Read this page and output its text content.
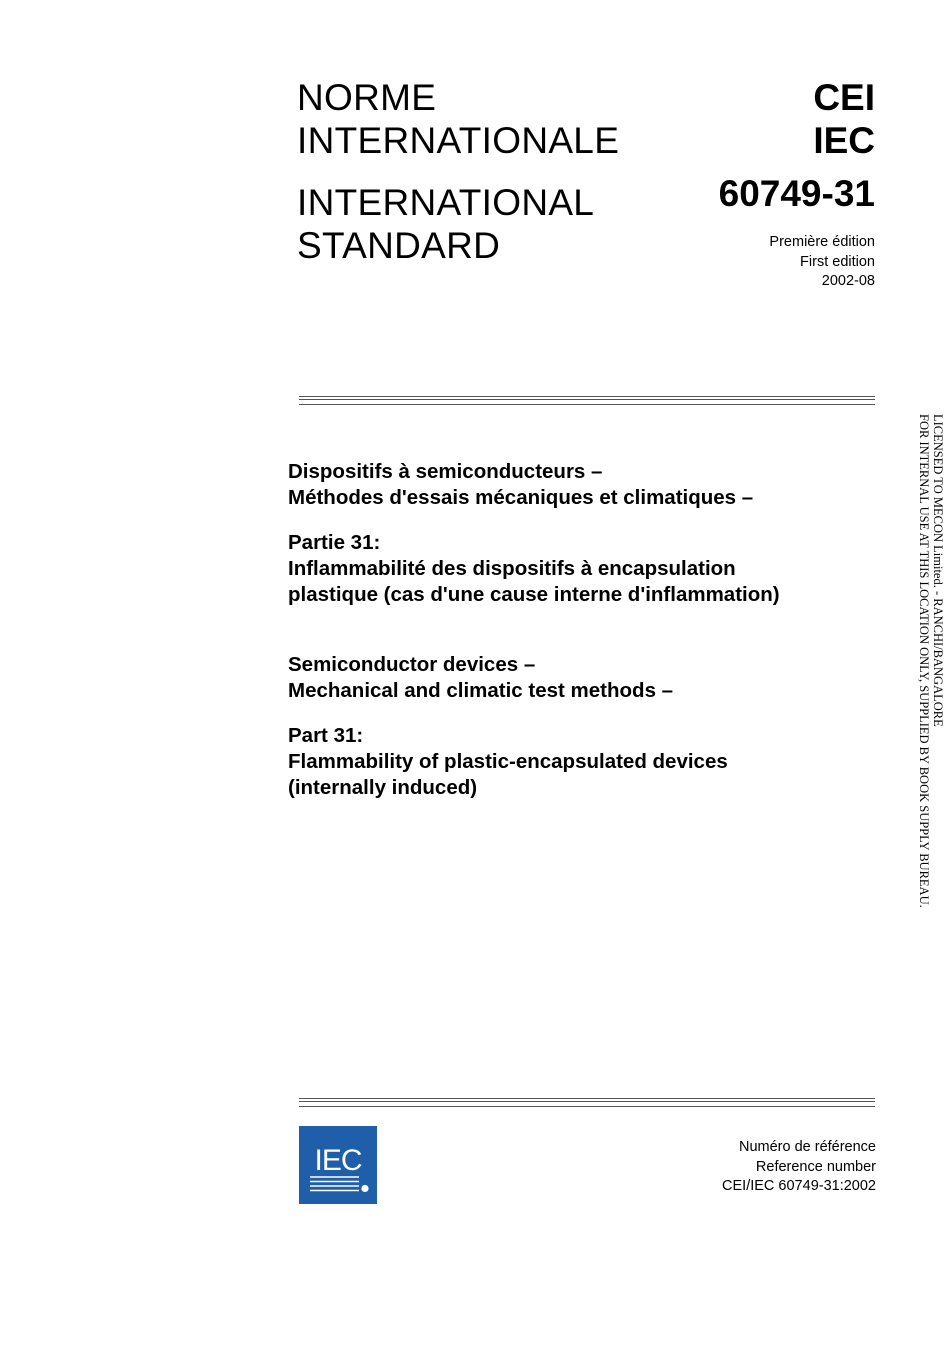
NORME
INTERNATIONALE
INTERNATIONAL
STANDARD
CEI
IEC
60749-31
Première édition
First edition
2002-08
Dispositifs à semiconducteurs –
Méthodes d'essais mécaniques et climatiques –
Partie 31:
Inflammabilité des dispositifs à encapsulation
plastique (cas d'une cause interne d'inflammation)
Semiconductor devices –
Mechanical and climatic test methods –
Part 31:
Flammability of plastic-encapsulated devices
(internally induced)
LICENSED TO MECON Limited. - RANCHI/BANGALORE
FOR INTERNAL USE AT THIS LOCATION ONLY, SUPPLIED BY BOOK SUPPLY BUREAU.
IEC	Numéro de référence
Reference number
CEI/IEC 60749-31:2002
